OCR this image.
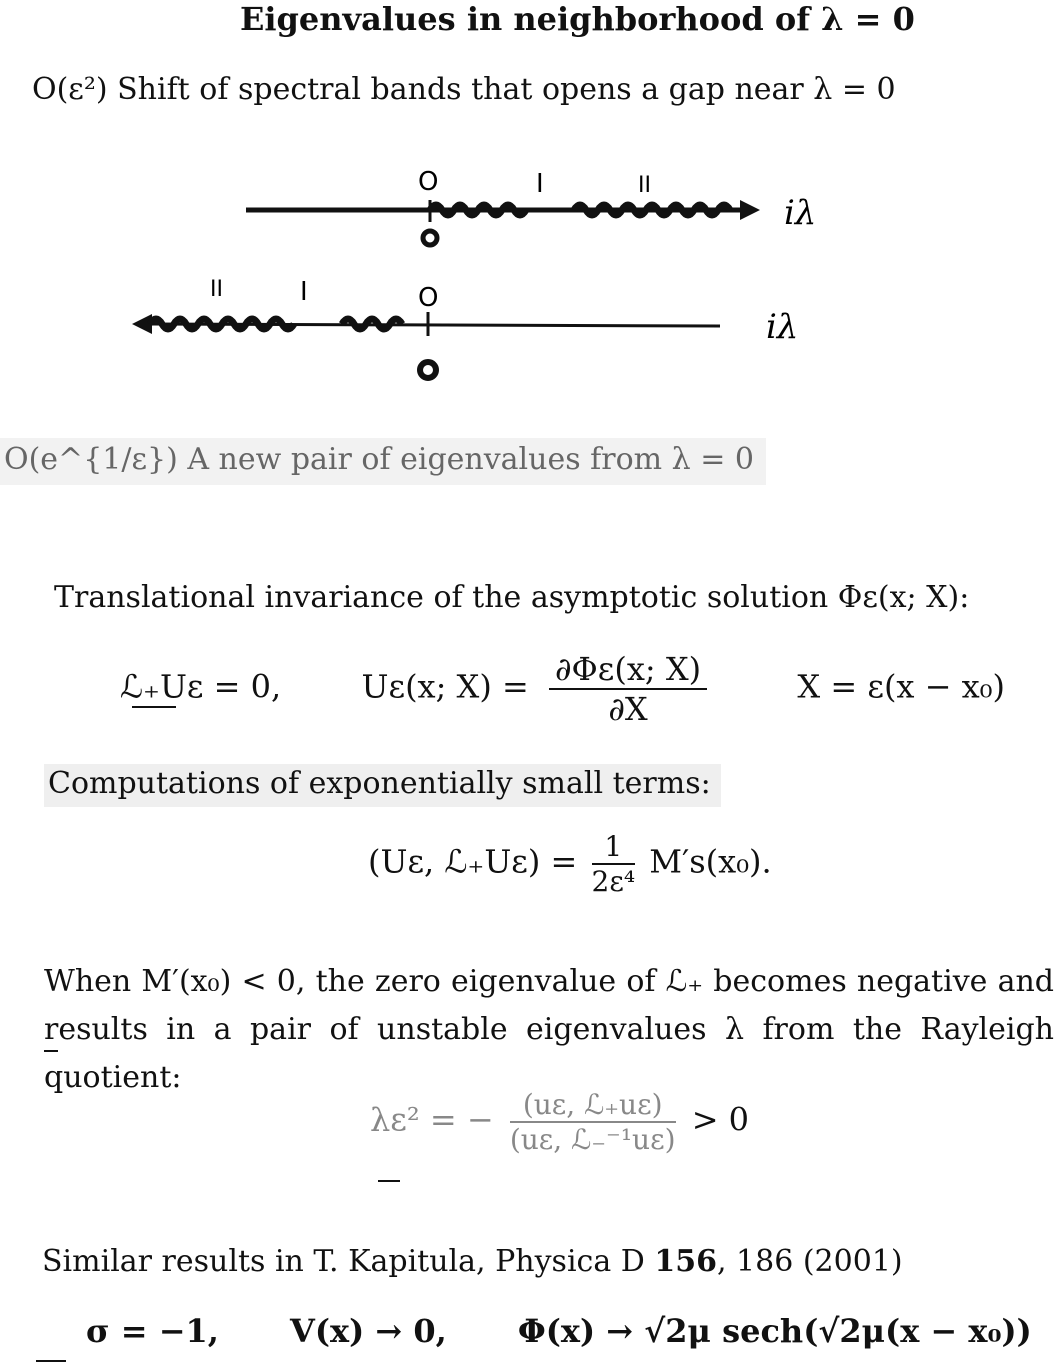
Eigenvalues in neighborhood of λ = 0
O(ε²) Shift of spectral bands that opens a gap near λ = 0
O	I	II
iλ
II	I	O
iλ
O(e^{1/ε}) A new pair of eigenvalues from λ = 0
Translational invariance of the asymptotic solution Φε(x; X):
ℒ₊Uε = 0,	Uε(x; $X) = \frac{\partial\Phi\varepsilon(x; X)}{\partial X}$	X = ε(x − x₀)
Computations of exponentially small terms:
(Uε, ℒ₊Uε) = $\frac{1}{\text{2ε⁴}} M's(x_0)$.
When M′(x₀) < 0, the zero eigenvalue of ℒ₊ becomes negative and results in a pair of unstable eigenvalues λ from the Rayleigh quotient:
λε² = − $\frac{\text{(uε, ℒ₊uε)}}{\text{(uε, ℒ₋⁻¹uε)}} > 0$
Similar results in T. Kapitula, Physica D 156, 186 (2001)
σ = −1, V(x) → 0, Φ(x) → √2μ sech(√2μ(x − x₀))
